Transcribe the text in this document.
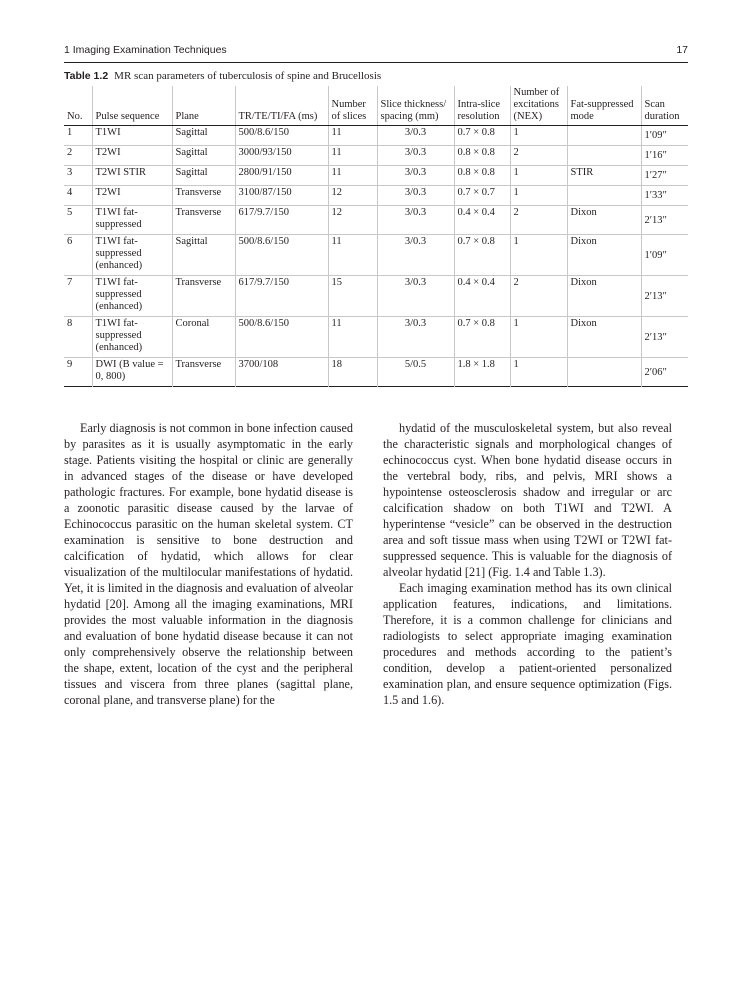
1 Imaging Examination Techniques	17
Table 1.2 MR scan parameters of tuberculosis of spine and Brucellosis
No.	Pulse sequence	Plane	TR/TE/TI/FA (ms)	Number of slices	Slice thickness/ spacing (mm)	Intra-slice resolution	Number of excitations (NEX)	Fat-suppressed mode	Scan duration
1	T1WI	Sagittal	500/8.6/150	11	3/0.3	0.7 × 0.8	1		1′09″
2	T2WI	Sagittal	3000/93/150	11	3/0.3	0.8 × 0.8	2		1′16″
3	T2WI STIR	Sagittal	2800/91/150	11	3/0.3	0.8 × 0.8	1	STIR	1′27″
4	T2WI	Transverse	3100/87/150	12	3/0.3	0.7 × 0.7	1		1′33″
5	T1WI fat-suppressed	Transverse	617/9.7/150	12	3/0.3	0.4 × 0.4	2	Dixon	2′13″
6	T1WI fat-suppressed (enhanced)	Sagittal	500/8.6/150	11	3/0.3	0.7 × 0.8	1	Dixon	1′09″
7	T1WI fat-suppressed (enhanced)	Transverse	617/9.7/150	15	3/0.3	0.4 × 0.4	2	Dixon	2′13″
8	T1WI fat-suppressed (enhanced)	Coronal	500/8.6/150	11	3/0.3	0.7 × 0.8	1	Dixon	2′13″
9	DWI (B value = 0, 800)	Transverse	3700/108	18	5/0.5	1.8 × 1.8	1		2′06″

Early diagnosis is not common in bone infection caused by parasites as it is usually asymptomatic in the early stage. Patients visiting the hospital or clinic are generally in advanced stages of the disease or have developed pathologic fractures. For example, bone hydatid disease is a zoonotic parasitic disease caused by the larvae of Echinococcus parasitic on the human skeletal system. CT examination is sensitive to bone destruction and calcification of hydatid, which allows for clear visualization of the multilocular manifestations of hydatid. Yet, it is limited in the diagnosis and evaluation of alveolar hydatid [20]. Among all the imaging examinations, MRI provides the most valuable information in the diagnosis and evaluation of bone hydatid disease because it can not only comprehensively observe the relationship between the shape, extent, location of the cyst and the peripheral tissues and viscera from three planes (sagittal plane, coronal plane, and transverse plane) for the

hydatid of the musculoskeletal system, but also reveal the characteristic signals and morphological changes of echinococcus cyst. When bone hydatid disease occurs in the vertebral body, ribs, and pelvis, MRI shows a hypointense osteosclerosis shadow and irregular or arc calcification shadow on both T1WI and T2WI. A hyperintense “vesicle” can be observed in the destruction area and soft tissue mass when using T2WI or T2WI fat-suppressed sequence. This is valuable for the diagnosis of alveolar hydatid [21] (Fig. 1.4 and Table 1.3).

Each imaging examination method has its own clinical application features, indications, and limitations. Therefore, it is a common challenge for clinicians and radiologists to select appropriate imaging examination procedures and methods according to the patient’s condition, develop a patient-oriented personalized examination plan, and ensure sequence optimization (Figs. 1.5 and 1.6).
